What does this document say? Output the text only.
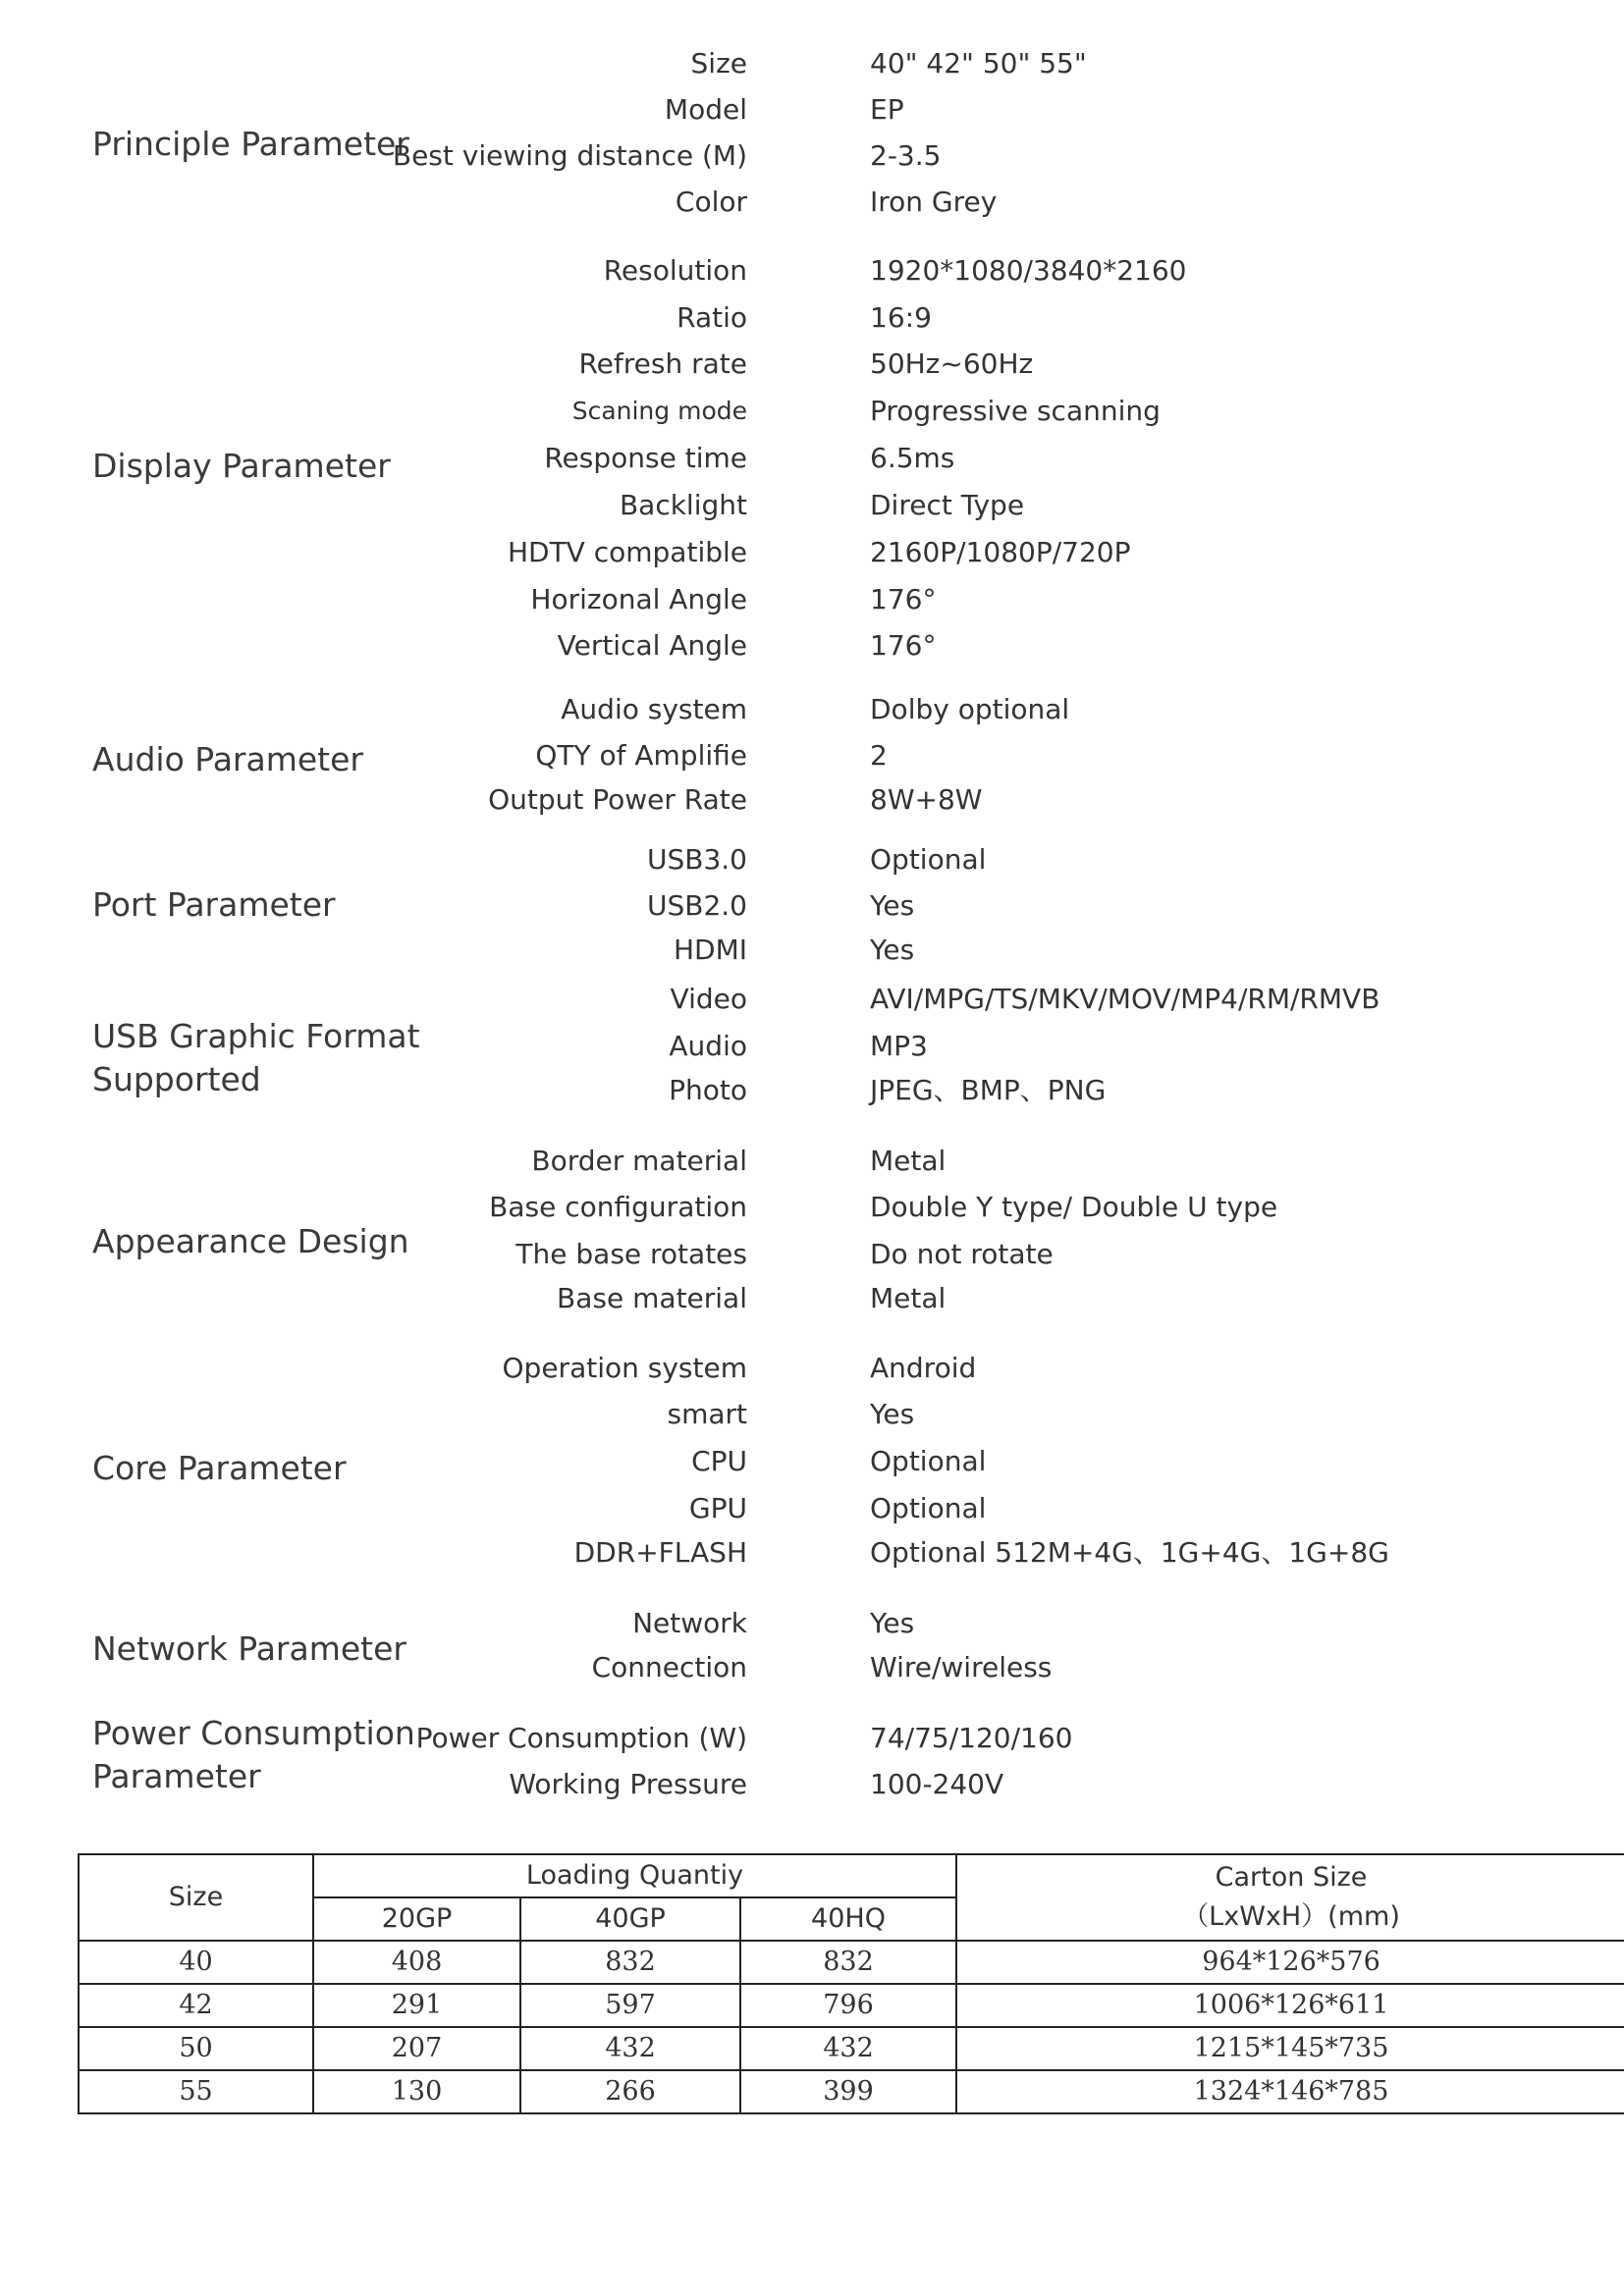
Principle Parameter
Size	40" 42" 50" 55"
Model	EP
Best viewing distance (M)	2-3.5
Color	Iron Grey
Display Parameter
Resolution	1920*1080/3840*2160
Ratio	16:9
Refresh rate	50Hz~60Hz
Scaning mode	Progressive scanning
Response time	6.5ms
Backlight	Direct Type
HDTV compatible	2160P/1080P/720P
Horizonal Angle	176°
Vertical Angle	176°
Audio Parameter
Audio system	Dolby optional
QTY of Amplifie	2
Output Power Rate	8W+8W
Port Parameter
USB3.0	Optional
USB2.0	Yes
HDMI	Yes
USB Graphic Format
Supported
Video	AVI/MPG/TS/MKV/MOV/MP4/RM/RMVB
Audio	MP3
Photo	JPEG、BMP、PNG
Appearance Design
Border material	Metal
Base configuration	Double Y type/ Double U type
The base rotates	Do not rotate
Base material	Metal
Core Parameter
Operation system	Android
smart	Yes
CPU	Optional
GPU	Optional
DDR+FLASH	Optional 512M+4G、1G+4G、1G+8G
Network Parameter
Network	Yes
Connection	Wire/wireless
Power Consumption
Parameter
Power Consumption (W)	74/75/120/160
Working Pressure	100-240V
Size	Loading Quantiy			Carton Size
（LxWxH）(mm)

	20GP	40GP	40HQ	
40	408	832	832	964*126*576
42	291	597	796	1006*126*611
50	207	432	432	1215*145*735
55	130	266	399	1324*146*785
